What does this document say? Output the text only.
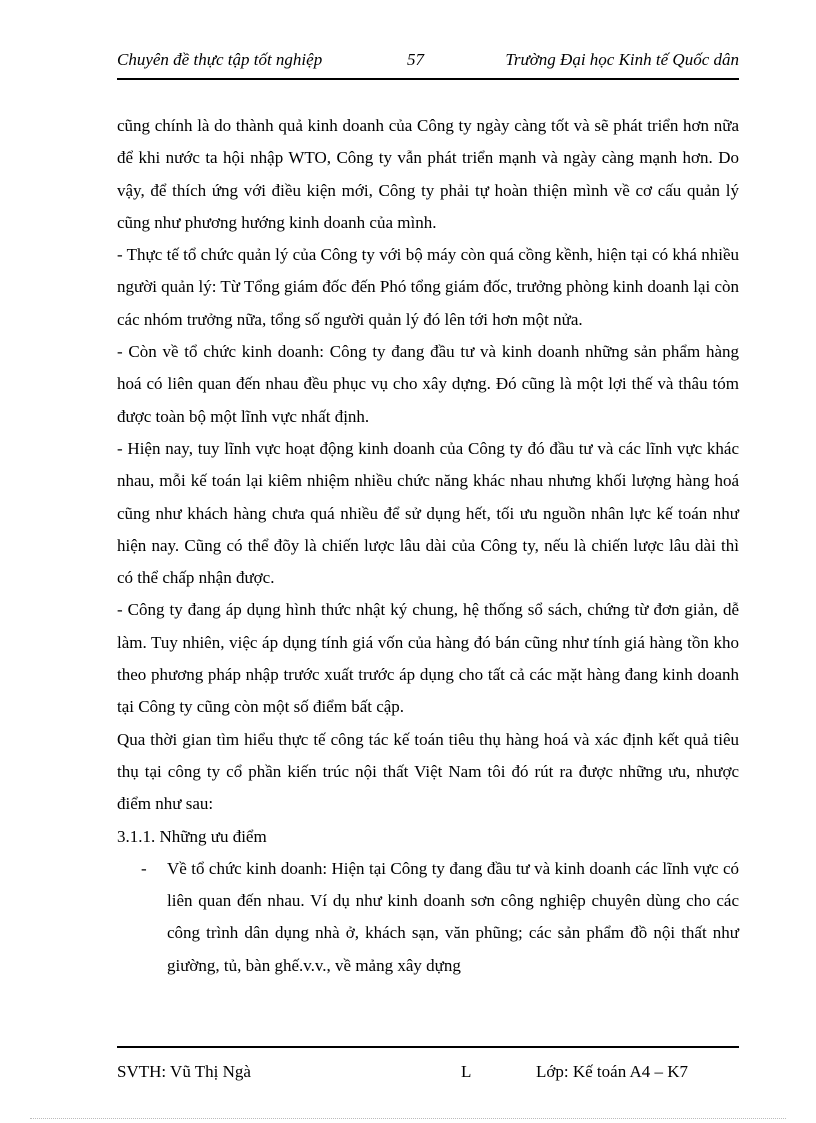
Chuyên đề thực tập tốt nghiệp	57	Trường Đại học Kinh tế Quốc dân

cũng chính là do thành quả kinh doanh của Công ty ngày càng tốt và sẽ phát triển hơn nữa để khi nước ta hội nhập WTO, Công ty vẫn phát triển mạnh và ngày càng mạnh hơn. Do vậy, để thích ứng với điều kiện mới, Công ty phải tự hoàn thiện mình về cơ cấu quản lý cũng như phương hướng kinh doanh của mình.

- Thực tế tổ chức quản lý của Công ty với bộ máy còn quá cồng kềnh, hiện tại có khá nhiều người quản lý: Từ Tổng giám đốc đến Phó tổng giám đốc, trưởng phòng kinh doanh lại còn các nhóm trưởng nữa, tổng số người quản lý đó lên tới hơn một nửa.

- Còn về tổ chức kinh doanh: Công ty đang đầu tư và kinh doanh những sản phẩm hàng hoá có liên quan đến nhau đều phục vụ cho xây dựng. Đó cũng là một lợi thế và thâu tóm được toàn bộ một lĩnh vực nhất định.

- Hiện nay, tuy lĩnh vực hoạt động kinh doanh của Công ty đó đầu tư và các lĩnh vực khác nhau, mỗi kế toán lại kiêm nhiệm nhiều chức năng khác nhau nhưng khối lượng hàng hoá cũng như khách hàng chưa quá nhiều để sử dụng hết, tối ưu nguồn nhân lực kế toán như hiện nay. Cũng có thể đõy là chiến lược lâu dài của Công ty, nếu là chiến lược lâu dài thì có thể chấp nhận được.

- Công ty đang áp dụng hình thức nhật ký chung, hệ thống sổ sách, chứng từ đơn giản, dễ làm. Tuy nhiên, việc áp dụng tính giá vốn của hàng đó bán cũng như tính giá hàng tồn kho theo phương pháp nhập trước xuất trước áp dụng cho tất cả các mặt hàng đang kinh doanh tại Công ty cũng còn một số điểm bất cập.

Qua thời gian tìm hiểu thực tế công tác kế toán tiêu thụ hàng hoá và xác định kết quả tiêu thụ tại công ty cổ phần kiến trúc nội thất Việt Nam tôi đó rút ra được những ưu, nhược điểm như sau:

3.1.1. Những ưu điểm

- Về tổ chức kinh doanh: Hiện tại Công ty đang đầu tư và kinh doanh các lĩnh vực có liên quan đến nhau. Ví dụ như kinh doanh sơn công nghiệp chuyên dùng cho các công trình dân dụng nhà ở, khách sạn, văn phũng; các sản phẩm đồ nội thất như giường, tủ, bàn ghế.v.v., về mảng xây dựng

SVTH: Vũ Thị Ngà	L	Lớp: Kế toán A4 – K7
